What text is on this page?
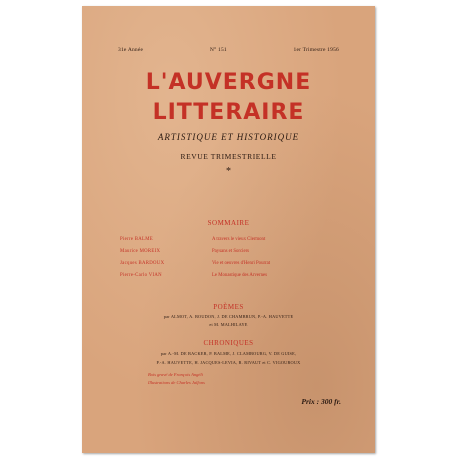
31e Année	N° 151	1er Trimestre 1956
L'AUVERGNE
LITTERAIRE
ARTISTIQUE ET HISTORIQUE
REVUE TRIMESTRIELLE
*
SOMMAIRE
Pierre BALME	A travers le vieux Clermont
Maurice MOREIX	Paysans et Sorciers
Jacques BARDOUX	Vie et oeuvres d'Henri Pourrat
Pierre-Carlo VIAN	Le Monastique des Arvernes
POÈMES
par ALMOT, A. BOUDON, J. DE CHAMBRUN, P.-A. HAUVETTE
et M. MALHILAYE
CHRONIQUES
par A.-M. DE BACKER, P. BALME, J. CLAMBOURG, V. DE GUISE,
P.-A. HAUVETTE, H. JACQUES-LEVIA, R. RIVAUT et C. VIGOUROUX
Bois gravé de François Angéli
Illustrations de Charles Jalfons
Prix : 300 fr.
